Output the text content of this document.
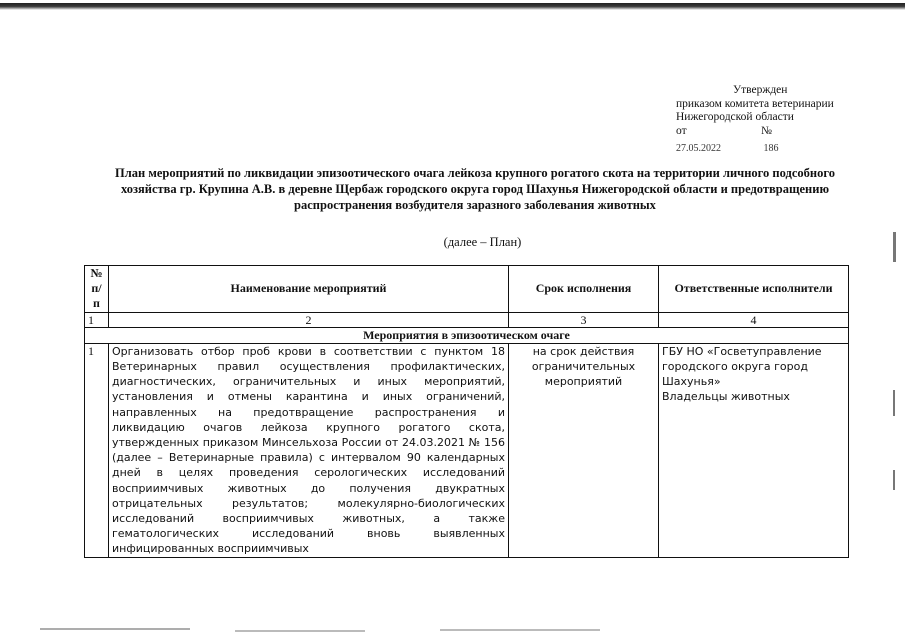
Утвержден
приказом комитета ветеринарии
Нижегородской области
от	№
27.05.2022	186
План мероприятий по ликвидации эпизоотического очага лейкоза крупного рогатого скота на территории личного подсобного хозяйства гр. Крупина А.В. в деревне Щербаж городского округа город Шахунья Нижегородской области и предотвращению распространения возбудителя заразного заболевания животных
(далее – План)
№ п/п	Наименование мероприятий	Срок исполнения	Ответственные исполнители
1	2	3	4
Мероприятия в эпизоотическом очаге			
1	Организовать отбор проб крови в соответствии с пунктом 18 Ветеринарных правил осуществления профилактических, диагностических, ограничительных и иных мероприятий, установления и отмены карантина и иных ограничений, направленных на предотвращение распространения и ликвидацию очагов лейкоза крупного рогатого скота, утвержденных приказом Минсельхоза России от 24.03.2021 № 156 (далее – Ветеринарные правила) с интервалом 90 календарных дней в целях проведения серологических исследований восприимчивых животных до получения двукратных отрицательных результатов; молекулярно-биологических исследований восприимчивых животных, а также гематологических исследований вновь выявленных инфицированных восприимчивых	на срок действия ограничительных мероприятий	ГБУ НО «Госветуправление городского округа город Шахунья»
Владельцы животных
